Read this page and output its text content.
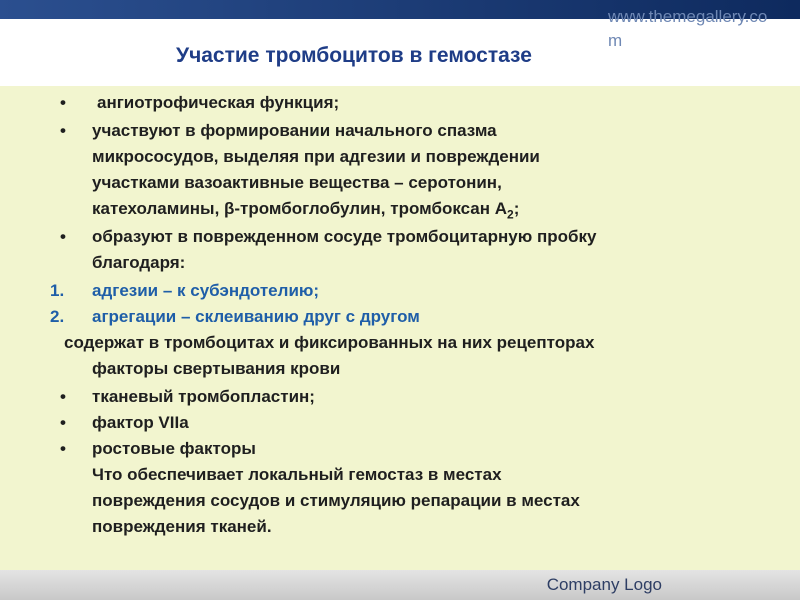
www.themegallery.com
Участие тромбоцитов в гемостазе
• ангиотрофическая функция;
• участвуют в формировании начального спазма
микрососудов, выделяя при адгезии и повреждении
участками вазоактивные вещества – серотонин,
катехоламины, β-тромбоглобулин, тромбоксан $А_2$;
• образуют в поврежденном сосуде тромбоцитарную пробку
благодаря:
1. адгезии – к субэндотелию;
2. агрегации – склеиванию друг с другом
содержат в тромбоцитах и фиксированных на них рецепторах
факторы свертывания крови
• тканевый тромбопластин;
• фактор VIIa
• ростовые факторы
Что обеспечивает локальный гемостаз в местах
повреждения сосудов и стимуляцию репарации в местах
повреждения тканей.
Company Logo
